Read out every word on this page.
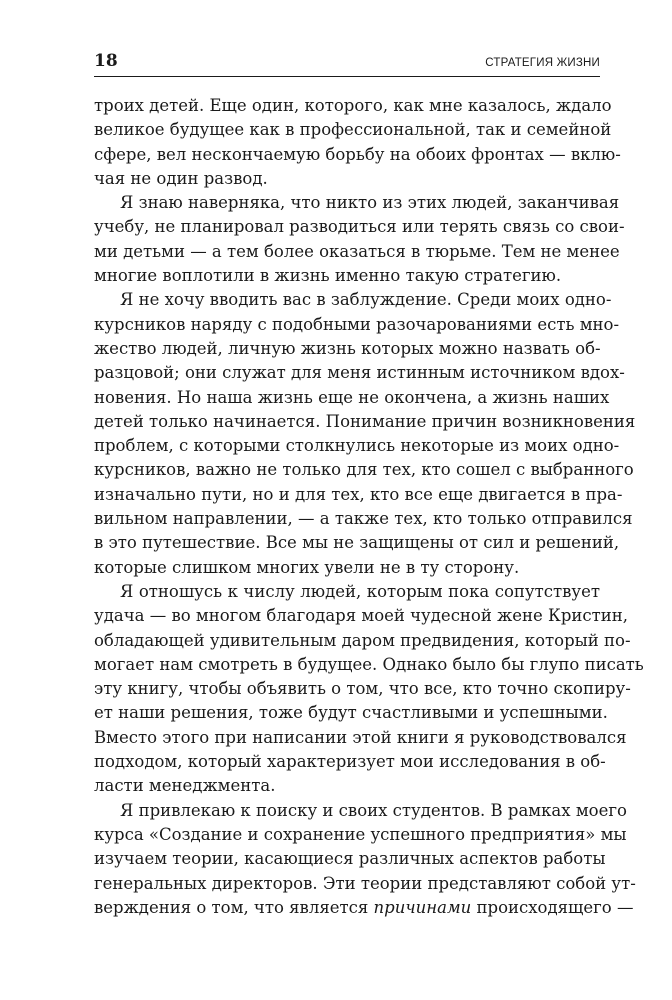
18	СТРАТЕГИЯ ЖИЗНИ
троих детей. Еще один, которого, как мне казалось, ждало
великое будущее как в профессиональной, так и семейной
сфере, вел нескончаемую борьбу на обоих фронтах — вклю-
чая не один развод.
Я знаю наверняка, что никто из этих людей, заканчивая
учебу, не планировал разводиться или терять связь со свои-
ми детьми — а тем более оказаться в тюрьме. Тем не менее
многие воплотили в жизнь именно такую стратегию.
Я не хочу вводить вас в заблуждение. Среди моих одно-
курсников наряду с подобными разочарованиями есть мно-
жество людей, личную жизнь которых можно назвать об-
разцовой; они служат для меня истинным источником вдох-
новения. Но наша жизнь еще не окончена, а жизнь наших
детей только начинается. Понимание причин возникновения
проблем, с которыми столкнулись некоторые из моих одно-
курсников, важно не только для тех, кто сошел с выбранного
изначально пути, но и для тех, кто все еще двигается в пра-
вильном направлении, — а также тех, кто только отправился
в это путешествие. Все мы не защищены от сил и решений,
которые слишком многих увели не в ту сторону.
Я отношусь к числу людей, которым пока сопутствует
удача — во многом благодаря моей чудесной жене Кристин,
обладающей удивительным даром предвидения, который по-
могает нам смотреть в будущее. Однако было бы глупо писать
эту книгу, чтобы объявить о том, что все, кто точно скопиру-
ет наши решения, тоже будут счастливыми и успешными.
Вместо этого при написании этой книги я руководствовался
подходом, который характеризует мои исследования в об-
ласти менеджмента.
Я привлекаю к поиску и своих студентов. В рамках моего
курса «Создание и сохранение успешного предприятия» мы
изучаем теории, касающиеся различных аспектов работы
генеральных директоров. Эти теории представляют собой ут-
верждения о том, что является причинами происходящего —
